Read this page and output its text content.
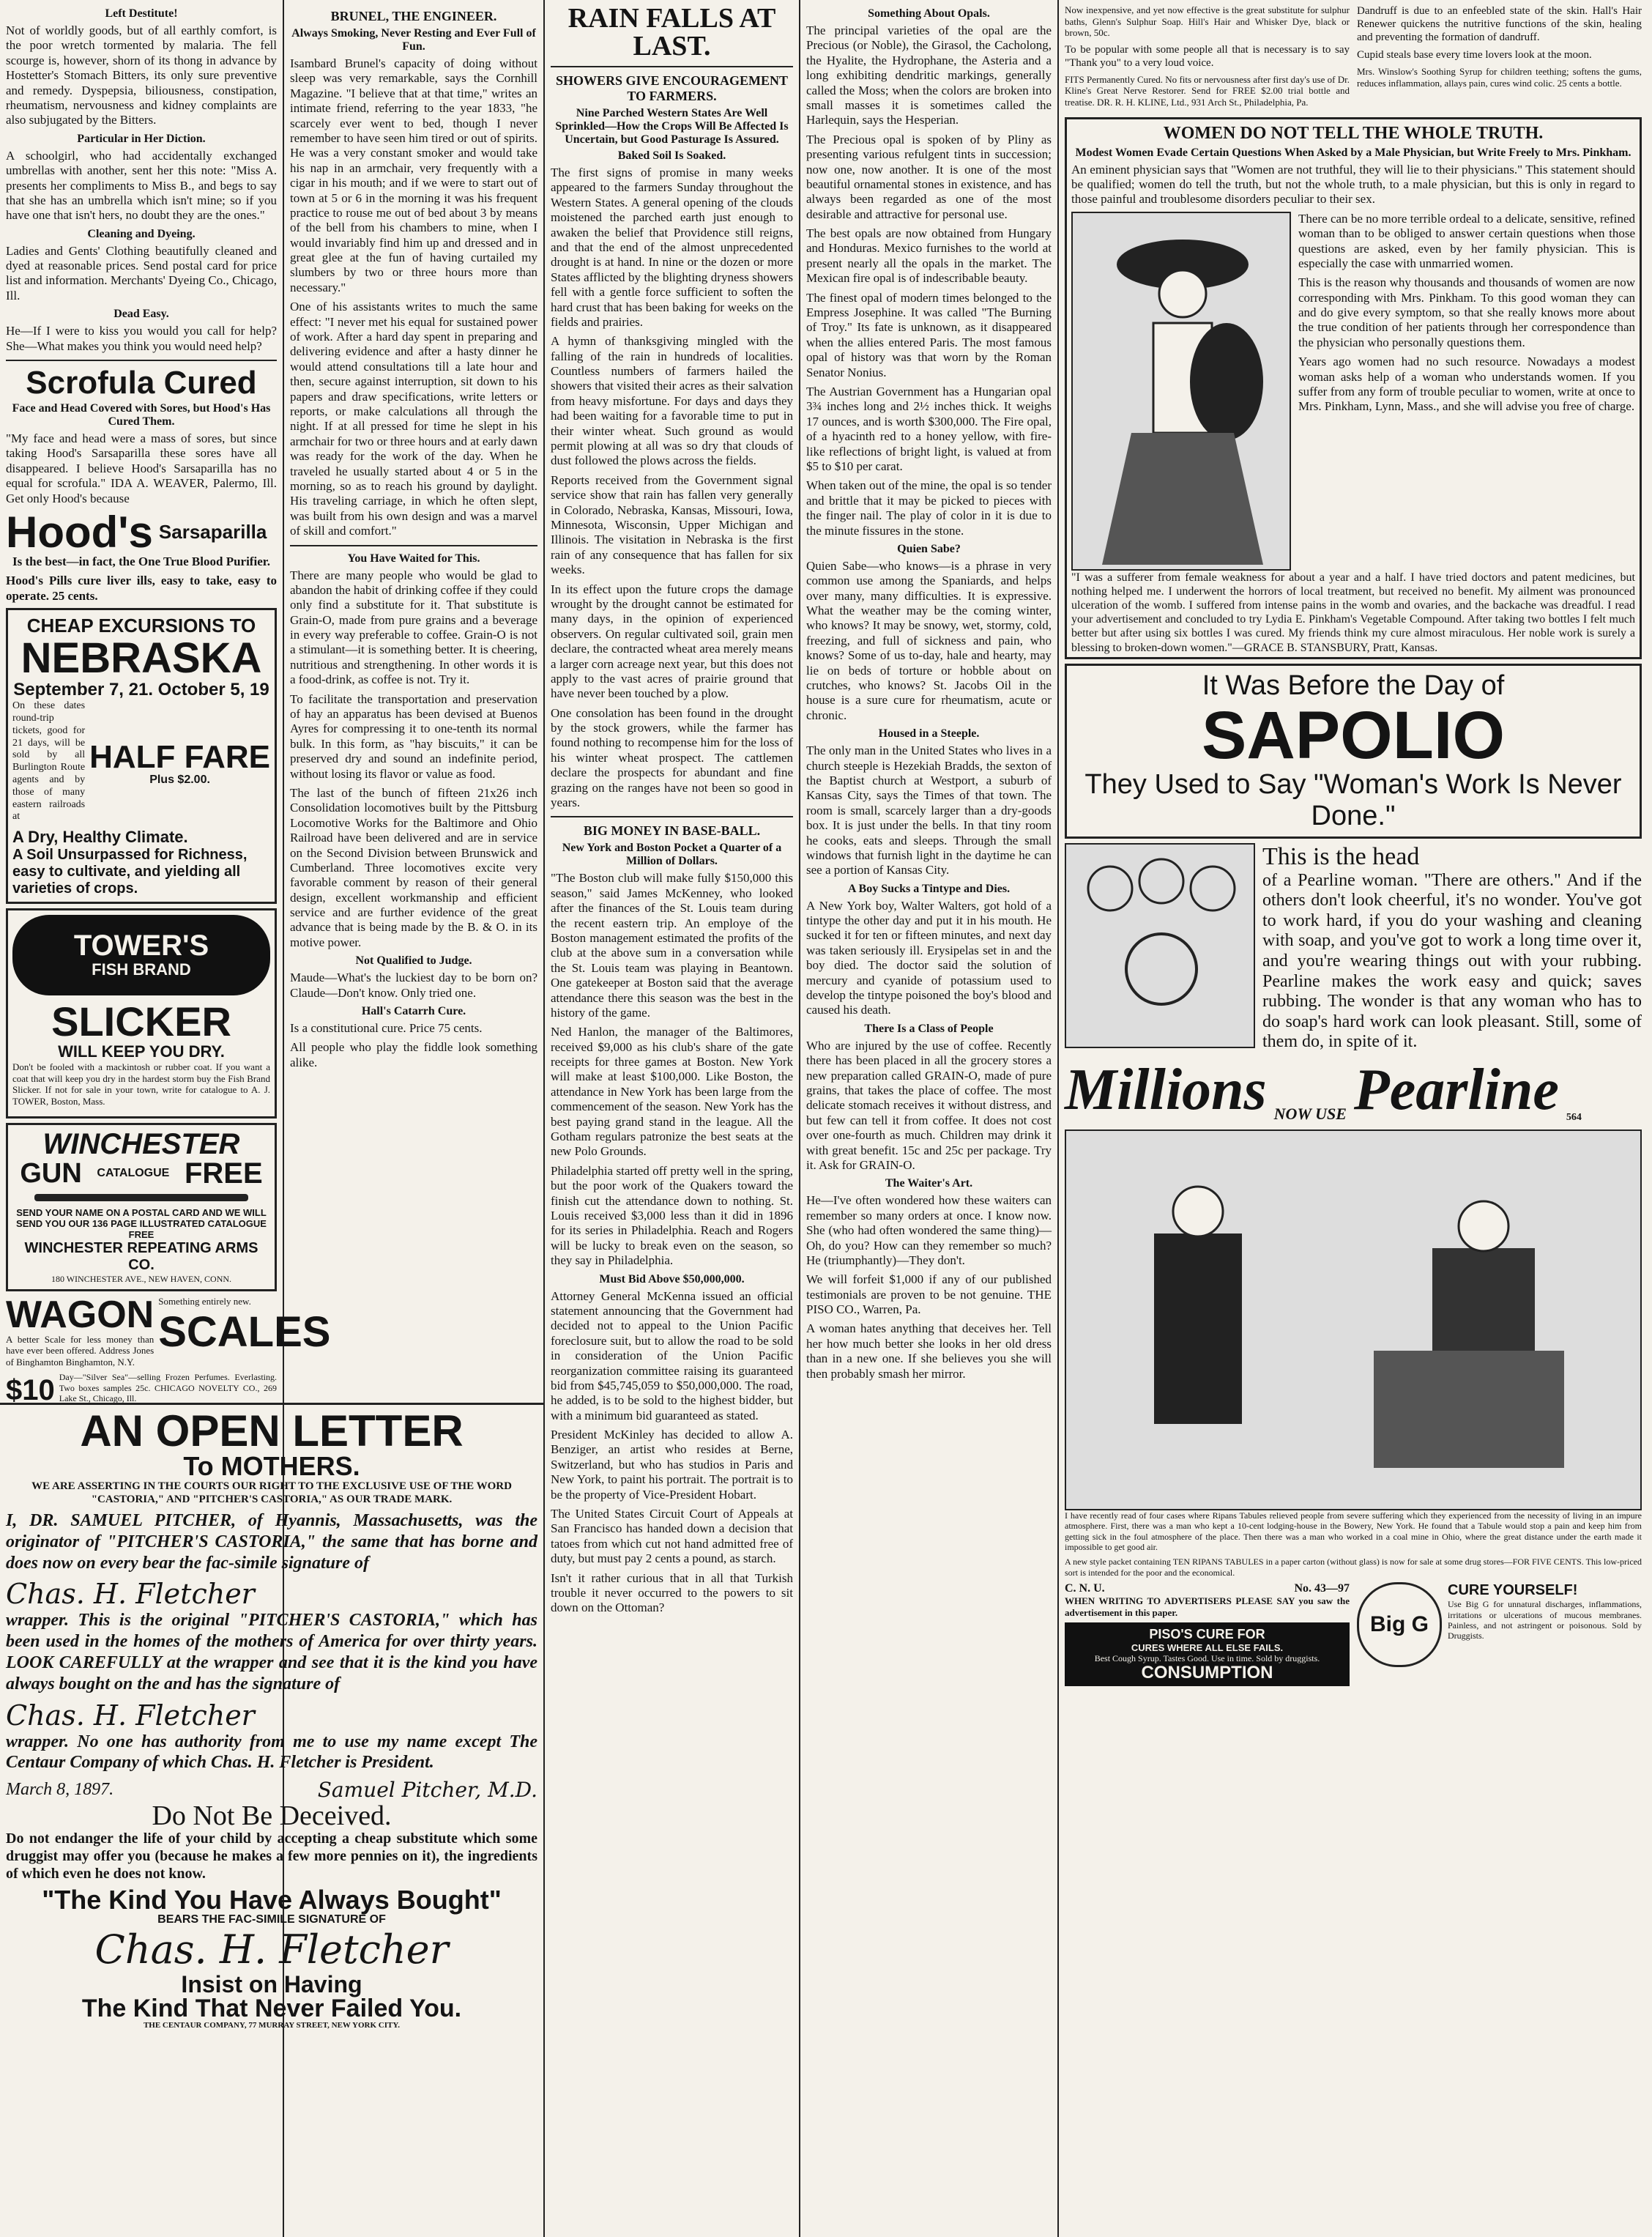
Left Destitute!

Not of worldly goods, but of all earthly comfort, is the poor wretch tormented by malaria. The fell scourge is, however, shorn of its thong in advance by Hostetter's Stomach Bitters, its only sure preventive and remedy. Dyspepsia, biliousness, constipation, rheumatism, nervousness and kidney complaints are also subjugated by the Bitters.

Particular in Her Diction.

A schoolgirl, who had accidentally exchanged umbrellas with another, sent her this note: "Miss A. presents her compliments to Miss B., and begs to say that she has an umbrella which isn't mine; so if you have one that isn't hers, no doubt they are the ones."

Cleaning and Dyeing.

Ladies and Gents' Clothing beautifully cleaned and dyed at reasonable prices. Send postal card for price list and information. Merchants' Dyeing Co., Chicago, Ill.

Dead Easy.

He—If I were to kiss you would you call for help? She—What makes you think you would need help?

Scrofula Cured
Face and Head Covered with Sores, but Hood's Has Cured Them.

"My face and head were a mass of sores, but since taking Hood's Sarsaparilla these sores have all disappeared. I believe Hood's Sarsaparilla has no equal for scrofula." IDA A. WEAVER, Palermo, Ill. Get only Hood's because

Hood's Sarsaparilla

Is the best—in fact, the One True Blood Purifier.

Hood's Pills cure liver ills, easy to take, easy to operate. 25 cents.

CHEAP EXCURSIONS TO
NEBRASKA
September 7, 21. October 5, 19

On these dates round-trip tickets, good for 21 days, will be sold by all Burlington Route agents and by those of many eastern railroads at

HALF FARE
Plus $2.00.
A Dry, Healthy Climate.
A Soil Unsurpassed for Richness, easy to cultivate, and yielding all varieties of crops.
TOWER'S
FISH BRAND
SLICKER
WILL KEEP YOU DRY.

Don't be fooled with a mackintosh or rubber coat. If you want a coat that will keep you dry in the hardest storm buy the Fish Brand Slicker. If not for sale in your town, write for catalogue to A. J. TOWER, Boston, Mass.

WINCHESTER
GUN CATALOGUE FREE
SEND YOUR NAME ON A POSTAL CARD AND WE WILL SEND YOU OUR 136 PAGE ILLUSTRATED CATALOGUE FREE
WINCHESTER REPEATING ARMS CO.
180 WINCHESTER AVE., NEW HAVEN, CONN.
WAGON

A better Scale for less money than have ever been offered. Address Jones of Binghamton Binghamton, N.Y.

Something entirely new.

SCALES
$10 Day—"Silver Sea"—selling Frozen Perfumes. Everlasting. Two boxes samples 25c. CHICAGO NOVELTY CO., 269 Lake St., Chicago, Ill.

AN OPEN LETTER
To MOTHERS.

WE ARE ASSERTING IN THE COURTS OUR RIGHT TO THE EXCLUSIVE USE OF THE WORD "CASTORIA," AND "PITCHER'S CASTORIA," AS OUR TRADE MARK.

I, DR. SAMUEL PITCHER, of Hyannis, Massachusetts, was the originator of "PITCHER'S CASTORIA," the same that has borne and does now on every bear the fac-simile signature of

Chas. H. Fletcher

wrapper. This is the original "PITCHER'S CASTORIA," which has been used in the homes of the mothers of America for over thirty years. LOOK CAREFULLY at the wrapper and see that it is the kind you have always bought on the and has the signature of

Chas. H. Fletcher

wrapper. No one has authority from me to use my name except The Centaur Company of which Chas. H. Fletcher is President.

March 8, 1897.	Samuel Pitcher, M.D.
Do Not Be Deceived.

Do not endanger the life of your child by accepting a cheap substitute which some druggist may offer you (because he makes a few more pennies on it), the ingredients of which even he does not know.

"The Kind You Have Always Bought"
BEARS THE FAC-SIMILE SIGNATURE OF
Chas. H. Fletcher
Insist on Having
The Kind That Never Failed You.
THE CENTAUR COMPANY, 77 MURRAY STREET, NEW YORK CITY.
BRUNEL, THE ENGINEER.
Always Smoking, Never Resting and Ever Full of Fun.

Isambard Brunel's capacity of doing without sleep was very remarkable, says the Cornhill Magazine. "I believe that at that time," writes an intimate friend, referring to the year 1833, "he scarcely ever went to bed, though I never remember to have seen him tired or out of spirits. He was a very constant smoker and would take his nap in an armchair, very frequently with a cigar in his mouth; and if we were to start out of town at 5 or 6 in the morning it was his frequent practice to rouse me out of bed about 3 by means of the bell from his chambers to mine, when I would invariably find him up and dressed and in great glee at the fun of having curtailed my slumbers by two or three hours more than necessary."

One of his assistants writes to much the same effect: "I never met his equal for sustained power of work. After a hard day spent in preparing and delivering evidence and after a hasty dinner he would attend consultations till a late hour and then, secure against interruption, sit down to his papers and draw specifications, write letters or reports, or make calculations all through the night. If at all pressed for time he slept in his armchair for two or three hours and at early dawn was ready for the work of the day. When he traveled he usually started about 4 or 5 in the morning, so as to reach his ground by daylight. His traveling carriage, in which he often slept, was built from his own design and was a marvel of skill and comfort."

You Have Waited for This.

There are many people who would be glad to abandon the habit of drinking coffee if they could only find a substitute for it. That substitute is Grain-O, made from pure grains and a beverage in every way preferable to coffee. Grain-O is not a stimulant—it is something better. It is cheering, nutritious and strengthening. In other words it is a food-drink, as coffee is not. Try it.

To facilitate the transportation and preservation of hay an apparatus has been devised at Buenos Ayres for compressing it to one-tenth its normal bulk. In this form, as "hay biscuits," it can be preserved dry and sound an indefinite period, without losing its flavor or value as food.

The last of the bunch of fifteen 21x26 inch Consolidation locomotives built by the Pittsburg Locomotive Works for the Baltimore and Ohio Railroad have been delivered and are in service on the Second Division between Brunswick and Cumberland. Three locomotives excite very favorable comment by reason of their general design, excellent workmanship and efficient service and are further evidence of the great advance that is being made by the B. & O. in its motive power.

Not Qualified to Judge.

Maude—What's the luckiest day to be born on? Claude—Don't know. Only tried one.

Hall's Catarrh Cure.

Is a constitutional cure. Price 75 cents.

All people who play the fiddle look something alike.

RAIN FALLS AT LAST.
SHOWERS GIVE ENCOURAGEMENT TO FARMERS.
Nine Parched Western States Are Well Sprinkled—How the Crops Will Be Affected Is Uncertain, but Good Pasturage Is Assured.
Baked Soil Is Soaked.

The first signs of promise in many weeks appeared to the farmers Sunday throughout the Western States. A general opening of the clouds moistened the parched earth just enough to awaken the belief that Providence still reigns, and that the end of the almost unprecedented drought is at hand. In nine or the dozen or more States afflicted by the blighting dryness showers fell with a gentle force sufficient to soften the hard crust that has been baking for weeks on the fields and prairies.

A hymn of thanksgiving mingled with the falling of the rain in hundreds of localities. Countless numbers of farmers hailed the showers that visited their acres as their salvation from heavy misfortune. For days and days they had been waiting for a favorable time to put in their winter wheat. Such ground as would permit plowing at all was so dry that clouds of dust followed the plows across the fields.

Reports received from the Government signal service show that rain has fallen very generally in Colorado, Nebraska, Kansas, Missouri, Iowa, Minnesota, Wisconsin, Upper Michigan and Illinois. The visitation in Nebraska is the first rain of any consequence that has fallen for six weeks.

In its effect upon the future crops the damage wrought by the drought cannot be estimated for many days, in the opinion of experienced observers. On regular cultivated soil, grain men declare, the contracted wheat area merely means a larger corn acreage next year, but this does not apply to the vast acres of prairie ground that have never been touched by a plow.

One consolation has been found in the drought by the stock growers, while the farmer has found nothing to recompense him for the loss of his winter wheat prospect. The cattlemen declare the prospects for abundant and fine grazing on the ranges have not been so good in years.

BIG MONEY IN BASE-BALL.
New York and Boston Pocket a Quarter of a Million of Dollars.

"The Boston club will make fully $150,000 this season," said James McKenney, who looked after the finances of the St. Louis team during the recent eastern trip. An employe of the Boston management estimated the profits of the club at the above sum in a conversation while the St. Louis team was playing in Beantown. One gatekeeper at Boston said that the average attendance there this season was the best in the history of the game.

Ned Hanlon, the manager of the Baltimores, received $9,000 as his club's share of the gate receipts for three games at Boston. New York will make at least $100,000. Like Boston, the attendance in New York has been large from the commencement of the season. New York has the best paying grand stand in the league. All the Gotham regulars patronize the best seats at the new Polo Grounds.

Philadelphia started off pretty well in the spring, but the poor work of the Quakers toward the finish cut the attendance down to nothing. St. Louis received $3,000 less than it did in 1896 for its series in Philadelphia. Reach and Rogers will be lucky to break even on the season, so they say in Philadelphia.

Must Bid Above $50,000,000.

Attorney General McKenna issued an official statement announcing that the Government had decided not to appeal to the Union Pacific foreclosure suit, but to allow the road to be sold in consideration of the Union Pacific reorganization committee raising its guaranteed bid from $45,745,059 to $50,000,000. The road, he added, is to be sold to the highest bidder, but with a minimum bid guaranteed as stated.

President McKinley has decided to allow A. Benziger, an artist who resides at Berne, Switzerland, but who has studios in Paris and New York, to paint his portrait. The portrait is to be the property of Vice-President Hobart.

The United States Circuit Court of Appeals at San Francisco has handed down a decision that tatoes from which cut not hand admitted free of duty, but must pay 2 cents a pound, as starch.

Isn't it rather curious that in all that Turkish trouble it never occurred to the powers to sit down on the Ottoman?

Something About Opals.

The principal varieties of the opal are the Precious (or Noble), the Girasol, the Cacholong, the Hyalite, the Hydrophane, the Asteria and a long exhibiting dendritic markings, generally called the Moss; when the colors are broken into small masses it is sometimes called the Harlequin, says the Hesperian.

The Precious opal is spoken of by Pliny as presenting various refulgent tints in succession; now one, now another. It is one of the most beautiful ornamental stones in existence, and has always been regarded as one of the most desirable and attractive for personal use.

The best opals are now obtained from Hungary and Honduras. Mexico furnishes to the world at present nearly all the opals in the market. The Mexican fire opal is of indescribable beauty.

The finest opal of modern times belonged to the Empress Josephine. It was called "The Burning of Troy." Its fate is unknown, as it disappeared when the allies entered Paris. The most famous opal of history was that worn by the Roman Senator Nonius.

The Austrian Government has a Hungarian opal 3¾ inches long and 2½ inches thick. It weighs 17 ounces, and is worth $300,000. The Fire opal, of a hyacinth red to a honey yellow, with fire-like reflections of bright light, is valued at from $5 to $10 per carat.

When taken out of the mine, the opal is so tender and brittle that it may be picked to pieces with the finger nail. The play of color in it is due to the minute fissures in the stone.

Quien Sabe?

Quien Sabe—who knows—is a phrase in very common use among the Spaniards, and helps over many, many difficulties. It is expressive. What the weather may be the coming winter, who knows? It may be snowy, wet, stormy, cold, freezing, and full of sickness and pain, who knows? Some of us to-day, hale and hearty, may lie on beds of torture or hobble about on crutches, who knows? St. Jacobs Oil in the house is a sure cure for rheumatism, acute or chronic.

Housed in a Steeple.

The only man in the United States who lives in a church steeple is Hezekiah Bradds, the sexton of the Baptist church at Westport, a suburb of Kansas City, says the Times of that town. The room is small, scarcely larger than a dry-goods box. It is just under the bells. In that tiny room he cooks, eats and sleeps. Through the small windows that furnish light in the daytime he can see a portion of Kansas City.

A Boy Sucks a Tintype and Dies.

A New York boy, Walter Walters, got hold of a tintype the other day and put it in his mouth. He sucked it for ten or fifteen minutes, and next day was taken seriously ill. Erysipelas set in and the boy died. The doctor said the solution of mercury and cyanide of potassium used to develop the tintype poisoned the boy's blood and caused his death.

There Is a Class of People

Who are injured by the use of coffee. Recently there has been placed in all the grocery stores a new preparation called GRAIN-O, made of pure grains, that takes the place of coffee. The most delicate stomach receives it without distress, and but few can tell it from coffee. It does not cost over one-fourth as much. Children may drink it with great benefit. 15c and 25c per package. Try it. Ask for GRAIN-O.

The Waiter's Art.

He—I've often wondered how these waiters can remember so many orders at once. I know now. She (who had often wondered the same thing)—Oh, do you? How can they remember so much? He (triumphantly)—They don't.

We will forfeit $1,000 if any of our published testimonials are proven to be not genuine. THE PISO CO., Warren, Pa.

A woman hates anything that deceives her. Tell her how much better she looks in her old dress than in a new one. If she believes you she will then probably smash her mirror.

Now inexpensive, and yet now effective is the great substitute for sulphur baths, Glenn's Sulphur Soap. Hill's Hair and Whisker Dye, black or brown, 50c.

To be popular with some people all that is necessary is to say "Thank you" to a very loud voice.

FITS Permanently Cured. No fits or nervousness after first day's use of Dr. Kline's Great Nerve Restorer. Send for FREE $2.00 trial bottle and treatise. DR. R. H. KLINE, Ltd., 931 Arch St., Philadelphia, Pa.

Dandruff is due to an enfeebled state of the skin. Hall's Hair Renewer quickens the nutritive functions of the skin, healing and preventing the formation of dandruff.

Cupid steals base every time lovers look at the moon.

Mrs. Winslow's Soothing Syrup for children teething; softens the gums, reduces inflammation, allays pain, cures wind colic. 25 cents a bottle.

WOMEN DO NOT TELL THE WHOLE TRUTH.
Modest Women Evade Certain Questions When Asked by a Male Physician, but Write Freely to Mrs. Pinkham.

An eminent physician says that "Women are not truthful, they will lie to their physicians." This statement should be qualified; women do tell the truth, but not the whole truth, to a male physician, but this is only in regard to those painful and troublesome disorders peculiar to their sex.

There can be no more terrible ordeal to a delicate, sensitive, refined woman than to be obliged to answer certain questions when those questions are asked, even by her family physician. This is especially the case with unmarried women.

This is the reason why thousands and thousands of women are now corresponding with Mrs. Pinkham. To this good woman they can and do give every symptom, so that she really knows more about the true condition of her patients through her correspondence than the physician who personally questions them.

Years ago women had no such resource. Nowadays a modest woman asks help of a woman who understands women. If you suffer from any form of trouble peculiar to women, write at once to Mrs. Pinkham, Lynn, Mass., and she will advise you free of charge.

"I was a sufferer from female weakness for about a year and a half. I have tried doctors and patent medicines, but nothing helped me. I underwent the horrors of local treatment, but received no benefit. My ailment was pronounced ulceration of the womb. I suffered from intense pains in the womb and ovaries, and the backache was dreadful. I read your advertisement and concluded to try Lydia E. Pinkham's Vegetable Compound. After taking two bottles I felt much better but after using six bottles I was cured. My friends think my cure almost miraculous. Her noble work is surely a blessing to broken-down women."—GRACE B. STANSBURY, Pratt, Kansas.

It Was Before the Day of
SAPOLIO
They Used to Say "Woman's Work Is Never Done."
This is the head

of a Pearline woman. "There are others." And if the others don't look cheerful, it's no wonder. You've got to work hard, if you do your washing and cleaning with soap, and you've got to work a long time over it, and you're wearing things out with your rubbing. Pearline makes the work easy and quick; saves rubbing. The wonder is that any woman who has to do soap's hard work can look pleasant. Still, some of them do, in spite of it.

Millions NOW USE Pearline 564

I have recently read of four cases where Ripans Tabules relieved people from severe suffering which they experienced from the necessity of living in an impure atmosphere. First, there was a man who kept a 10-cent lodging-house in the Bowery, New York. He found that a Tabule would stop a pain and keep him from getting sick in the foul atmosphere of the place. Then there was a man who worked in a coal mine in Ohio, where the great distance under the earth made it impossible to get good air.

A new style packet containing TEN RIPANS TABULES in a paper carton (without glass) is now for sale at some drug stores—FOR FIVE CENTS. This low-priced sort is intended for the poor and the economical.

C. N. U.	No. 43—97

WHEN WRITING TO ADVERTISERS PLEASE SAY you saw the advertisement in this paper.

PISO'S CURE FOR
CURES WHERE ALL ELSE FAILS.
Best Cough Syrup. Tastes Good. Use in time. Sold by druggists.
CONSUMPTION
Big G
CURE YOURSELF!

Use Big G for unnatural discharges, inflammations, irritations or ulcerations of mucous membranes. Painless, and not astringent or poisonous. Sold by Druggists.
